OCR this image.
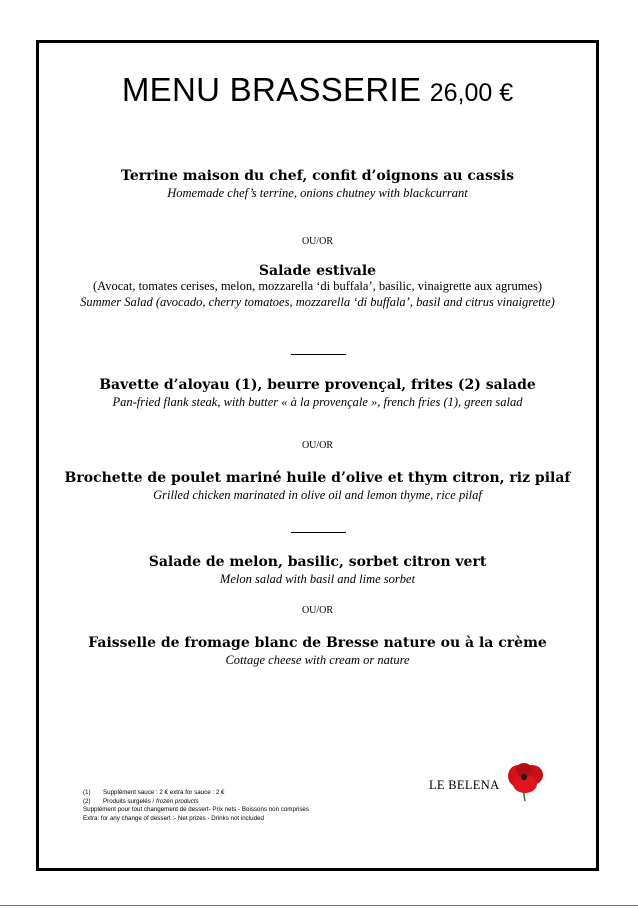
MENU BRASSERIE 26,00 €
Terrine maison du chef, confit d’oignons au cassis
Homemade chef’s terrine, onions chutney with blackcurrant
OU/OR
Salade estivale
(Avocat, tomates cerises, melon, mozzarella ‘di buffala’, basilic, vinaigrette aux agrumes)
Summer Salad (avocado, cherry tomatoes, mozzarella ‘di buffala’, basil and citrus vinaigrette)
Bavette d’aloyau (1), beurre provençal, frites (2) salade
Pan-fried flank steak, with butter « à la provençale », french fries (1), green salad
OU/OR
Brochette de poulet mariné huile d’olive et thym citron, riz pilaf
Grilled chicken marinated in olive oil and lemon thyme, rice pilaf
Salade de melon, basilic, sorbet citron vert
Melon salad with basil and lime sorbet
OU/OR
Faisselle de fromage blanc de Bresse nature ou à la crème
Cottage cheese with cream or nature
(1) Supplément sauce : 2 € extra for sauce : 2 €
(2) Produits surgelés / frozen products
Supplément pour tout changement de dessert- Prix nets - Boissons non comprises
Extra: for any change of dessert :- Net prizes - Drinks not included
LE BELENA
